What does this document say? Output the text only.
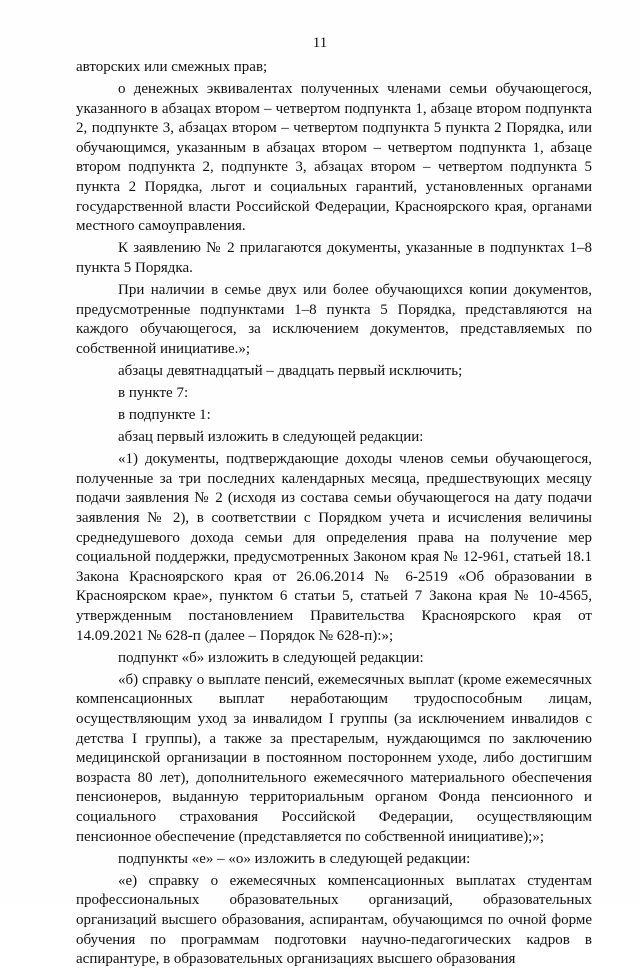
11

авторских или смежных прав;

о денежных эквивалентах полученных членами семьи обучающегося, указанного в абзацах втором – четвертом подпункта 1, абзаце втором подпункта 2, подпункте 3, абзацах втором – четвертом подпункта 5 пункта 2 Порядка, или обучающимся, указанным в абзацах втором – четвертом подпункта 1, абзаце втором подпункта 2, подпункте 3, абзацах втором – четвертом подпункта 5 пункта 2 Порядка, льгот и социальных гарантий, установленных органами государственной власти Российской Федерации, Красноярского края, органами местного самоуправления.

К заявлению № 2 прилагаются документы, указанные в подпунктах 1–8 пункта 5 Порядка.

При наличии в семье двух или более обучающихся копии документов, предусмотренные подпунктами 1–8 пункта 5 Порядка, представляются на каждого обучающегося, за исключением документов, представляемых по собственной инициативе.»;

абзацы девятнадцатый – двадцать первый исключить;

в пункте 7:

в подпункте 1:

абзац первый изложить в следующей редакции:

«1) документы, подтверждающие доходы членов семьи обучающегося, полученные за три последних календарных месяца, предшествующих месяцу подачи заявления № 2 (исходя из состава семьи обучающегося на дату подачи заявления № 2), в соответствии с Порядком учета и исчисления величины среднедушевого дохода семьи для определения права на получение мер социальной поддержки, предусмотренных Законом края № 12-961, статьей 18.1 Закона Красноярского края от 26.06.2014 № 6-2519 «Об образовании в Красноярском крае», пунктом 6 статьи 5, статьей 7 Закона края № 10-4565, утвержденным постановлением Правительства Красноярского края от 14.09.2021 № 628-п (далее – Порядок № 628-п):»;

подпункт «б» изложить в следующей редакции:

«б) справку о выплате пенсий, ежемесячных выплат (кроме ежемесячных компенсационных выплат неработающим трудоспособным лицам, осуществляющим уход за инвалидом I группы (за исключением инвалидов с детства I группы), а также за престарелым, нуждающимся по заключению медицинской организации в постоянном постороннем уходе, либо достигшим возраста 80 лет), дополнительного ежемесячного материального обеспечения пенсионеров, выданную территориальным органом Фонда пенсионного и социального страхования Российской Федерации, осуществляющим пенсионное обеспечение (представляется по собственной инициативе);»;

подпункты «е» – «о» изложить в следующей редакции:

«е) справку о ежемесячных компенсационных выплатах студентам профессиональных образовательных организаций, образовательных организаций высшего образования, аспирантам, обучающимся по очной форме обучения по программам подготовки научно-педагогических кадров в аспирантуре, в образовательных организациях высшего образования
